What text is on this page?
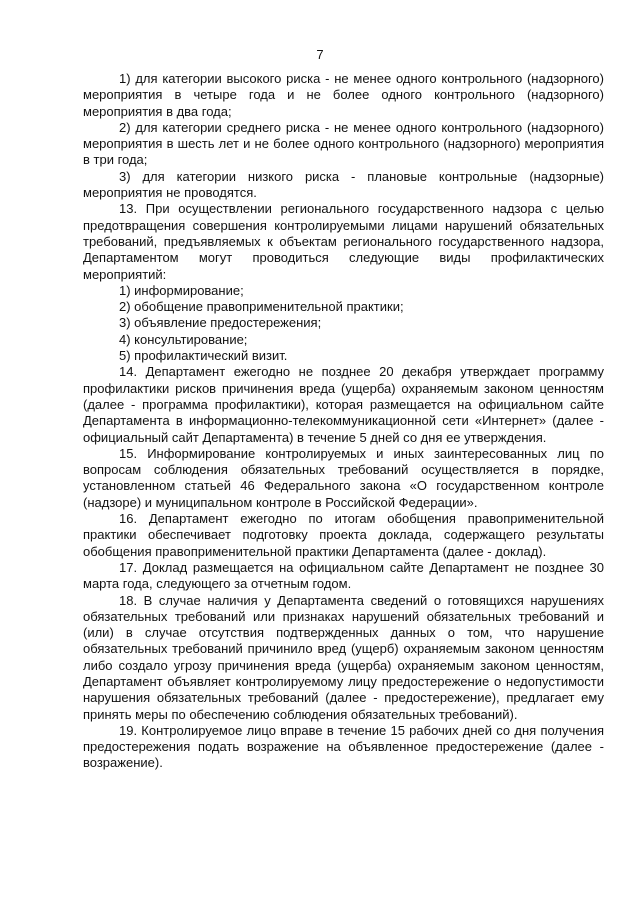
7

1) для категории высокого риска - не менее одного контрольного (надзорного) мероприятия в четыре года и не более одного контрольного (надзорного) мероприятия в два года;

2) для категории среднего риска - не менее одного контрольного (надзорного) мероприятия в шесть лет и не более одного контрольного (надзорного) мероприятия в три года;

3) для категории низкого риска - плановые контрольные (надзорные) мероприятия не проводятся.

13. При осуществлении регионального государственного надзора с целью предотвращения совершения контролируемыми лицами нарушений обязательных требований, предъявляемых к объектам регионального государственного надзора, Департаментом могут проводиться следующие виды профилактических мероприятий:

1) информирование;

2) обобщение правоприменительной практики;

3) объявление предостережения;

4) консультирование;

5) профилактический визит.

14. Департамент ежегодно не позднее 20 декабря утверждает программу профилактики рисков причинения вреда (ущерба) охраняемым законом ценностям (далее - программа профилактики), которая размещается на официальном сайте Департамента в информационно-телекоммуникационной сети «Интернет» (далее - официальный сайт Департамента) в течение 5 дней со дня ее утверждения.

15. Информирование контролируемых и иных заинтересованных лиц по вопросам соблюдения обязательных требований осуществляется в порядке, установленном статьей 46 Федерального закона «О государственном контроле (надзоре) и муниципальном контроле в Российской Федерации».

16. Департамент ежегодно по итогам обобщения правоприменительной практики обеспечивает подготовку проекта доклада, содержащего результаты обобщения правоприменительной практики Департамента (далее - доклад).

17. Доклад размещается на официальном сайте Департамент не позднее 30 марта года, следующего за отчетным годом.

18. В случае наличия у Департамента сведений о готовящихся нарушениях обязательных требований или признаках нарушений обязательных требований и (или) в случае отсутствия подтвержденных данных о том, что нарушение обязательных требований причинило вред (ущерб) охраняемым законом ценностям либо создало угрозу причинения вреда (ущерба) охраняемым законом ценностям, Департамент объявляет контролируемому лицу предостережение о недопустимости нарушения обязательных требований (далее - предостережение), предлагает ему принять меры по обеспечению соблюдения обязательных требований).

19. Контролируемое лицо вправе в течение 15 рабочих дней со дня получения предостережения подать возражение на объявленное предостережение (далее - возражение).
